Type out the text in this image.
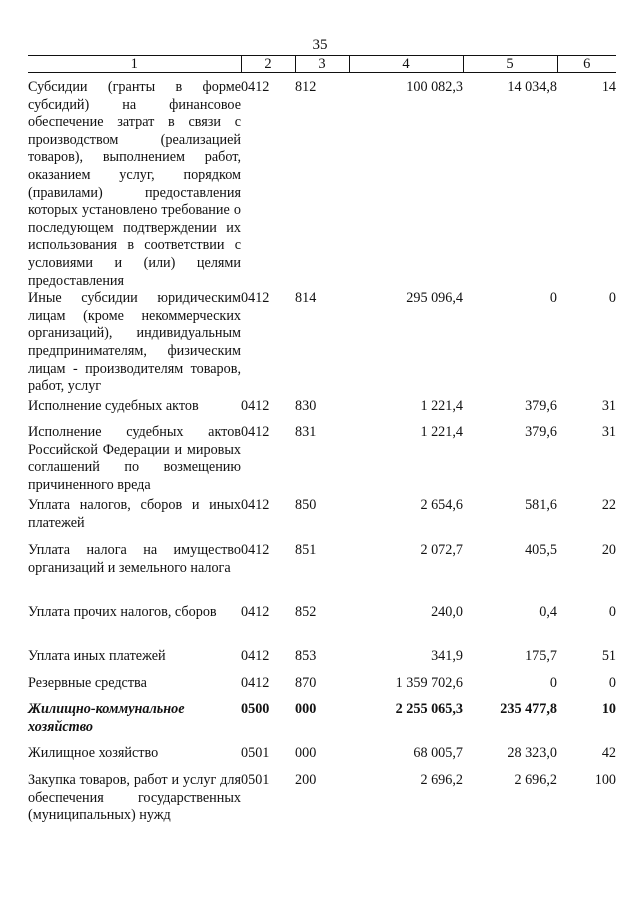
35
1	2	3	4	5	6
Субсидии (гранты в форме субсидий) на финансовое обеспечение затрат в связи с производством (реализацией товаров), выполнением работ, оказанием услуг, порядком (правилами) предоставления которых установлено требование о последующем подтверждении их использования в соответствии с условиями и (или) целями предоставления	0412	812	100 082,3	14 034,8	14
Иные субсидии юридическим лицам (кроме некоммерческих организаций), индивидуальным предпринимателям, физическим лицам - производителям товаров, работ, услуг	0412	814	295 096,4	0	0
Исполнение судебных актов	0412	830	1 221,4	379,6	31
Исполнение судебных актов Российской Федерации и мировых соглашений по возмещению причиненного вреда	0412	831	1 221,4	379,6	31
Уплата налогов, сборов и иных платежей	0412	850	2 654,6	581,6	22
Уплата налога на имущество организаций и земельного налога	0412	851	2 072,7	405,5	20
Уплата прочих налогов, сборов	0412	852	240,0	0,4	0
Уплата иных платежей	0412	853	341,9	175,7	51
Резервные средства	0412	870	1 359 702,6	0	0
Жилищно-коммунальное хозяйство	0500	000	2 255 065,3	235 477,8	10
Жилищное хозяйство	0501	000	68 005,7	28 323,0	42
Закупка товаров, работ и услуг для обеспечения государственных (муниципальных) нужд	0501	200	2 696,2	2 696,2	100
